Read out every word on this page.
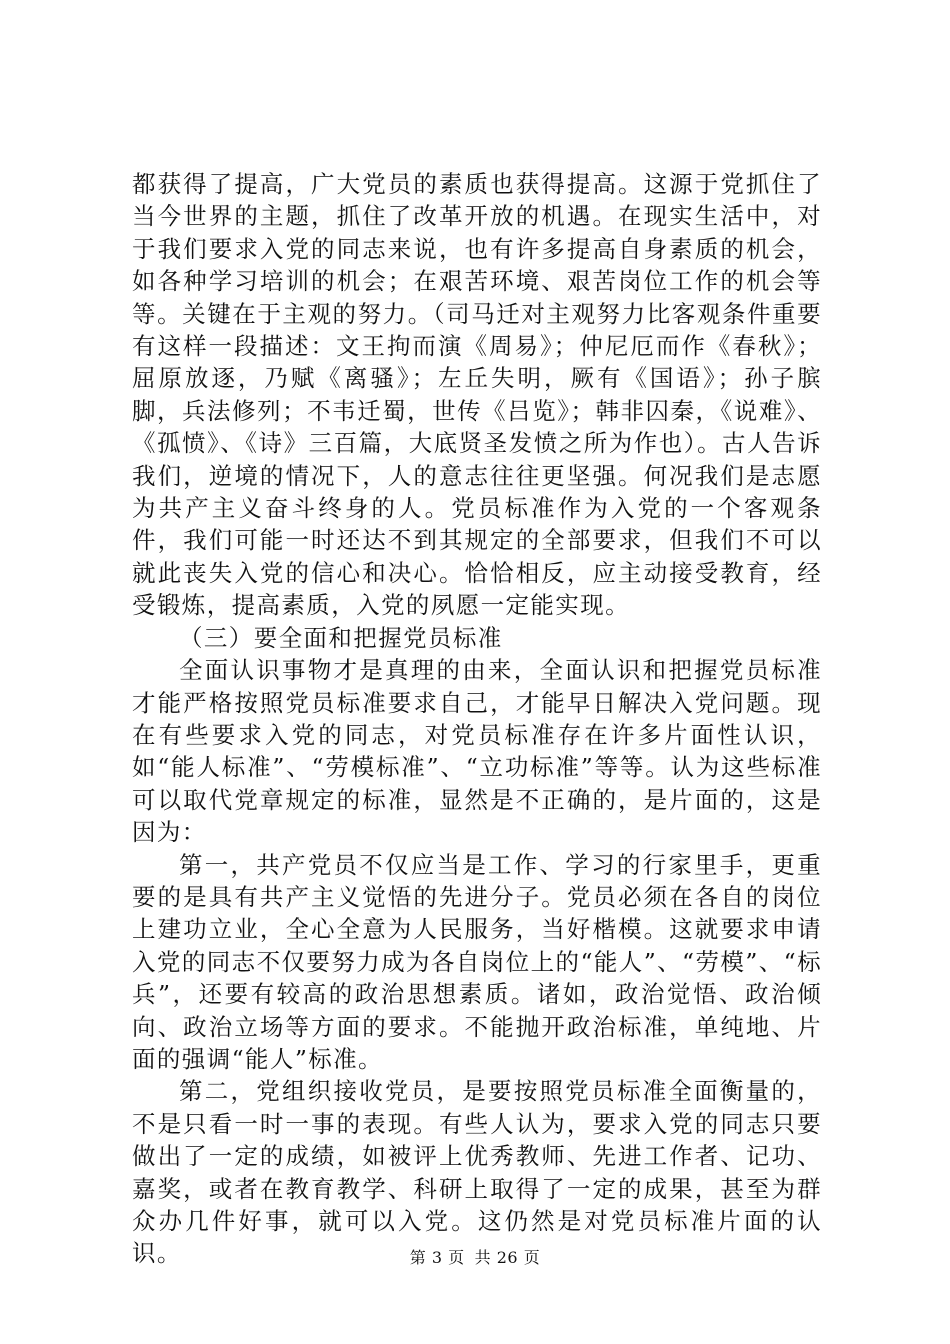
都获得了提高，广大党员的素质也获得提高。这源于党抓住了当今世界的主题，抓住了改革开放的机遇。在现实生活中，对于我们要求入党的同志来说，也有许多提高自身素质的机会，如各种学习培训的机会；在艰苦环境、艰苦岗位工作的机会等等。关键在于主观的努力。（司马迁对主观努力比客观条件重要有这样一段描述：文王拘而演《周易》；仲尼厄而作《春秋》；屈原放逐，乃赋《离骚》；左丘失明，厥有《国语》；孙子膑脚，兵法修列；不韦迁蜀，世传《吕览》；韩非囚秦，《说难》、《孤愤》、《诗》三百篇，大底贤圣发愤之所为作也）。古人告诉我们，逆境的情况下，人的意志往往更坚强。何况我们是志愿为共产主义奋斗终身的人。党员标准作为入党的一个客观条件，我们可能一时还达不到其规定的全部要求，但我们不可以就此丧失入党的信心和决心。恰恰相反，应主动接受教育，经受锻炼，提高素质，入党的夙愿一定能实现。

（三）要全面和把握党员标准

全面认识事物才是真理的由来，全面认识和把握党员标准才能严格按照党员标准要求自己，才能早日解决入党问题。现在有些要求入党的同志，对党员标准存在许多片面性认识，如“能人标准”、“劳模标准”、“立功标准”等等。认为这些标准可以取代党章规定的标准，显然是不正确的，是片面的，这是因为：

第一，共产党员不仅应当是工作、学习的行家里手，更重要的是具有共产主义觉悟的先进分子。党员必须在各自的岗位上建功立业，全心全意为人民服务，当好楷模。这就要求申请入党的同志不仅要努力成为各自岗位上的“能人”、“劳模”、“标兵”，还要有较高的政治思想素质。诸如，政治觉悟、政治倾向、政治立场等方面的要求。不能抛开政治标准，单纯地、片面的强调“能人”标准。

第二，党组织接收党员，是要按照党员标准全面衡量的，不是只看一时一事的表现。有些人认为，要求入党的同志只要做出了一定的成绩，如被评上优秀教师、先进工作者、记功、嘉奖，或者在教育教学、科研上取得了一定的成果，甚至为群众办几件好事，就可以入党。这仍然是对党员标准片面的认识。	第 3 页 共 26 页
